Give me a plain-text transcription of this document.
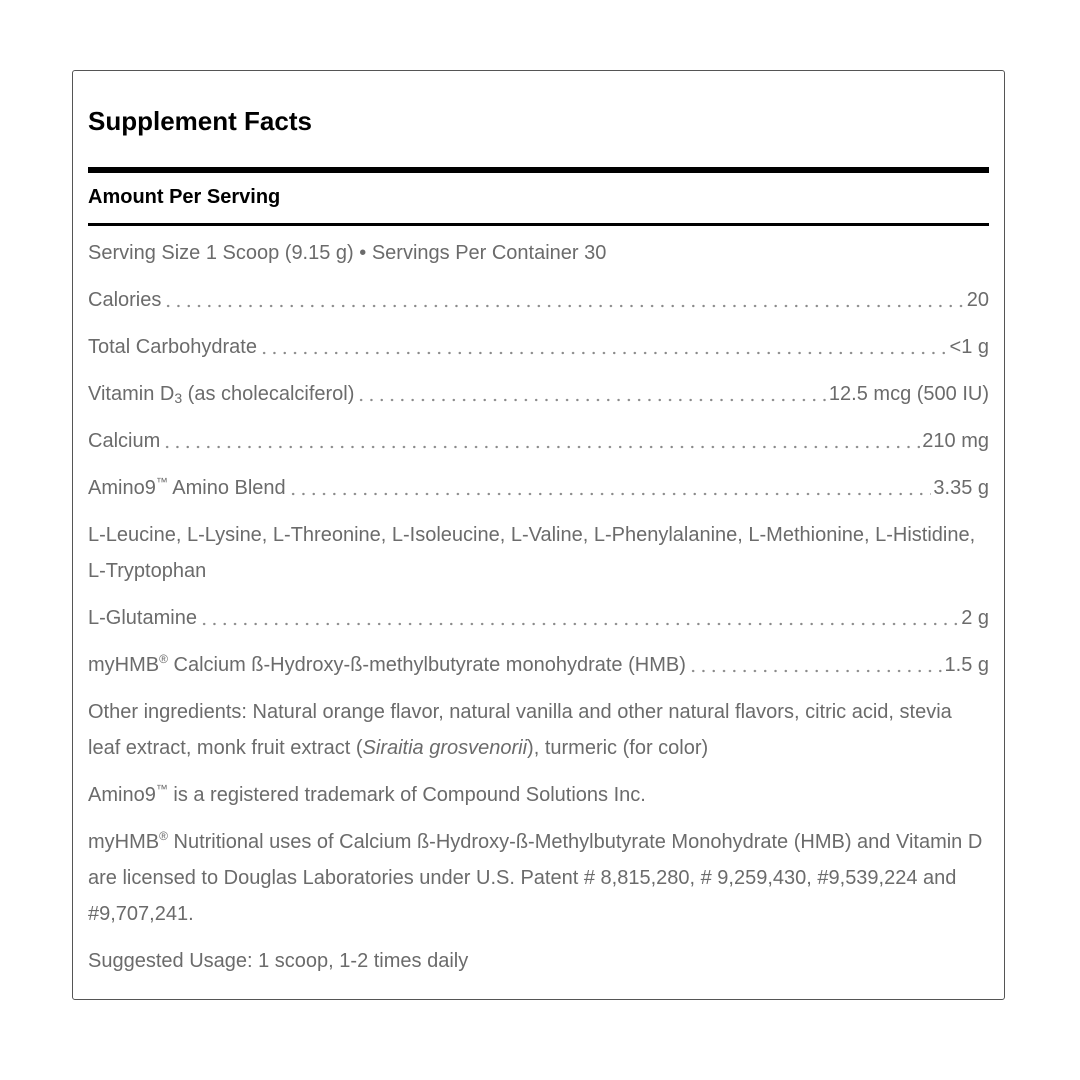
Supplement Facts
Amount Per Serving
Serving Size 1 Scoop (9.15 g) • Servings Per Container 30
Calories	20
Total Carbohydrate	<1 g
Vitamin $D_3$ (as cholecalciferol)	12.5 mcg (500 IU)
Calcium	210 mg
Amino9™ Amino Blend	3.35 g
L-Leucine, L-Lysine, L-Threonine, L-Isoleucine, L-Valine, L-Phenylalanine, L-Methionine, L-Histidine, L-Tryptophan
L-Glutamine	2 g
myHMB® Calcium ß-Hydroxy-ß-methylbutyrate monohydrate (HMB)	1.5 g
Other ingredients: Natural orange flavor, natural vanilla and other natural flavors, citric acid, stevia leaf extract, monk fruit extract (Siraitia grosvenorii), turmeric (for color)
Amino9™ is a registered trademark of Compound Solutions Inc.
myHMB® Nutritional uses of Calcium ß-Hydroxy-ß-Methylbutyrate Monohydrate (HMB) and Vitamin D are licensed to Douglas Laboratories under U.S. Patent # 8,815,280, # 9,259,430, #9,539,224 and #9,707,241.
Suggested Usage: 1 scoop, 1-2 times daily
